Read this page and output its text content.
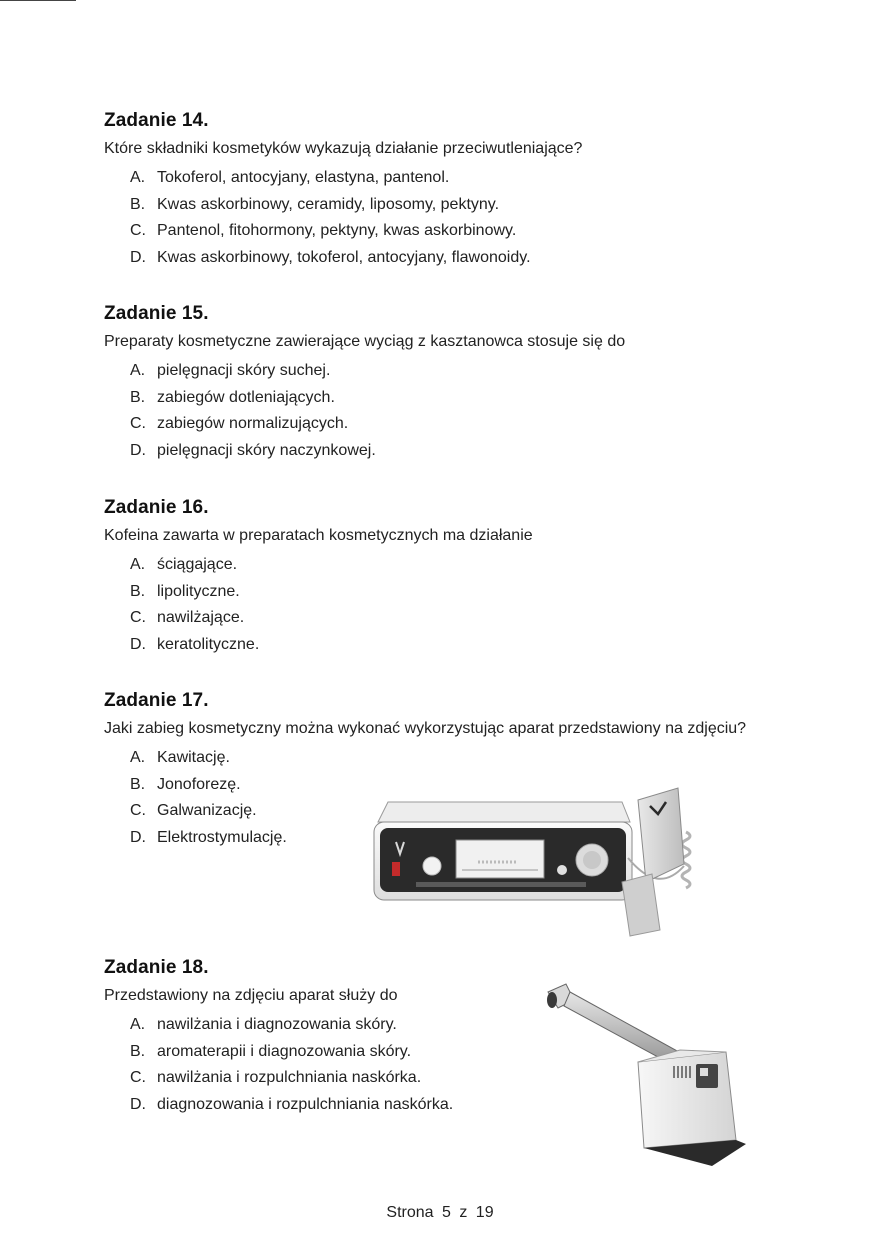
Zadanie 14.

Które składniki kosmetyków wykazują działanie przeciwutleniające?

A. Tokoferol, antocyjany, elastyna, pantenol.
B. Kwas askorbinowy, ceramidy, liposomy, pektyny.
C. Pantenol, fitohormony, pektyny, kwas askorbinowy.
D. Kwas askorbinowy, tokoferol, antocyjany, flawonoidy.
Zadanie 15.

Preparaty kosmetyczne zawierające wyciąg z kasztanowca stosuje się do

A. pielęgnacji skóry suchej.
B. zabiegów dotleniających.
C. zabiegów normalizujących.
D. pielęgnacji skóry naczynkowej.
Zadanie 16.

Kofeina zawarta w preparatach kosmetycznych ma działanie

A. ściągające.
B. lipolityczne.
C. nawilżające.
D. keratolityczne.
Zadanie 17.

Jaki zabieg kosmetyczny można wykonać wykorzystując aparat przedstawiony na zdjęciu?

A. Kawitację.
B. Jonoforezę.
C. Galwanizację.
D. Elektrostymulację.
Zadanie 18.

Przedstawiony na zdjęciu aparat służy do

A. nawilżania i diagnozowania skóry.
B. aromaterapii i diagnozowania skóry.
C. nawilżania i rozpulchniania naskórka.
D. diagnozowania i rozpulchniania naskórka.
Strona 5 z 19
